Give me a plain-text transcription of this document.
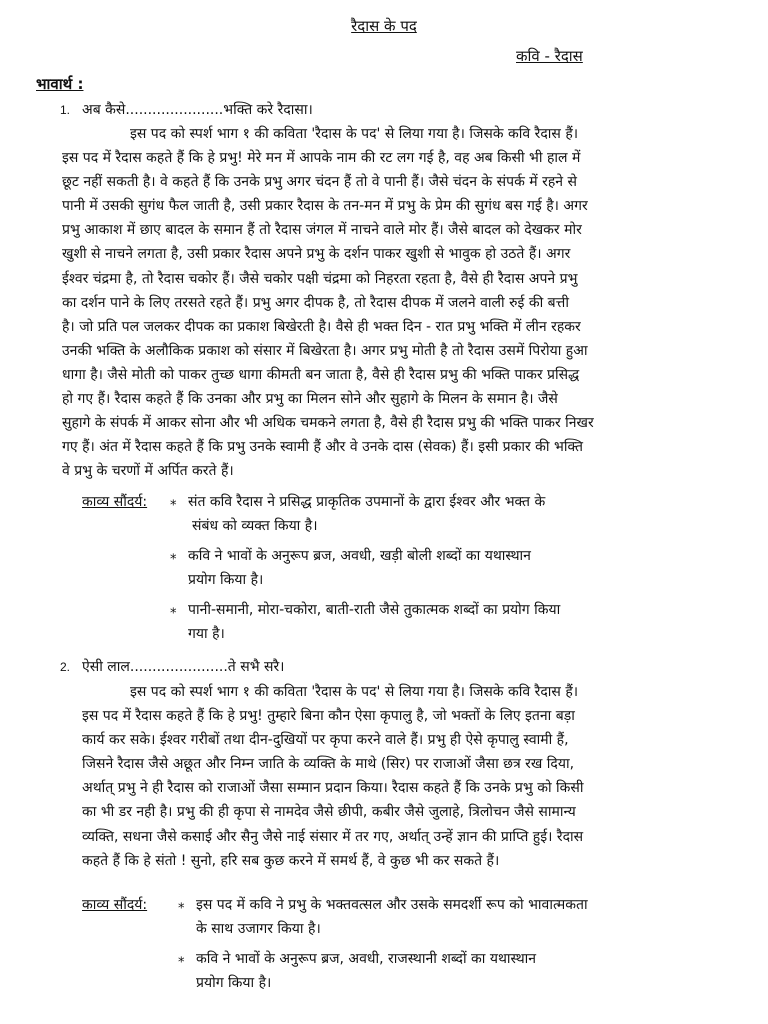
रैदास के पद

कवि - रैदास

भावार्थ :

1. अब कैसे......................भक्ति करे रैदासा।
इस पद को स्पर्श भाग १ की कविता 'रैदास के पद' से लिया गया है। जिसके कवि रैदास हैं।
इस पद में रैदास कहते हैं कि हे प्रभु! मेरे मन में आपके नाम की रट लग गई है, वह अब किसी भी हाल में
छूट नहीं सकती है। वे कहते हैं कि उनके प्रभु अगर चंदन हैं तो वे पानी हैं। जैसे चंदन के संपर्क में रहने से
पानी में उसकी सुगंध फैल जाती है, उसी प्रकार रैदास के तन-मन में प्रभु के प्रेम की सुगंध बस गई है। अगर
प्रभु आकाश में छाए बादल के समान हैं तो रैदास जंगल में नाचने वाले मोर हैं। जैसे बादल को देखकर मोर
खुशी से नाचने लगता है, उसी प्रकार रैदास अपने प्रभु के दर्शन पाकर खुशी से भावुक हो उठते हैं। अगर
ईश्वर चंद्रमा है, तो रैदास चकोर हैं। जैसे चकोर पक्षी चंद्रमा को निहरता रहता है, वैसे ही रैदास अपने प्रभु
का दर्शन पाने के लिए तरसते रहते हैं। प्रभु अगर दीपक है, तो रैदास दीपक में जलने वाली रुई की बत्ती
है। जो प्रति पल जलकर दीपक का प्रकाश बिखेरती है। वैसे ही भक्त दिन - रात प्रभु भक्ति में लीन रहकर
उनकी भक्ति के अलौकिक प्रकाश को संसार में बिखेरता है। अगर प्रभु मोती है तो रैदास उसमें पिरोया हुआ
धागा है। जैसे मोती को पाकर तुच्छ धागा कीमती बन जाता है, वैसे ही रैदास प्रभु की भक्ति पाकर प्रसिद्ध
हो गए हैं। रैदास कहते हैं कि उनका और प्रभु का मिलन सोने और सुहागे के मिलन के समान है। जैसे
सुहागे के संपर्क में आकर सोना और भी अधिक चमकने लगता है, वैसे ही रैदास प्रभु की भक्ति पाकर निखर
गए हैं। अंत में रैदास कहते हैं कि प्रभु उनके स्वामी हैं और वे उनके दास (सेवक) हैं। इसी प्रकार की भक्ति
वे प्रभु के चरणों में अर्पित करते हैं।
काव्य सौंदर्य: ⁎ संत कवि रैदास ने प्रसिद्ध प्राकृतिक उपमानों के द्वारा ईश्वर और भक्त के
संबंध को व्यक्त किया है।
⁎ कवि ने भावों के अनुरूप ब्रज, अवधी, खड़ी बोली शब्दों का यथास्थान
प्रयोग किया है।
⁎ पानी-समानी, मोरा-चकोरा, बाती-राती जैसे तुकात्मक शब्दों का प्रयोग किया
गया है।
2. ऐसी लाल......................ते सभै सरै।
इस पद को स्पर्श भाग १ की कविता 'रैदास के पद' से लिया गया है। जिसके कवि रैदास हैं।
इस पद में रैदास कहते हैं कि हे प्रभु! तुम्हारे बिना कौन ऐसा कृपालु है, जो भक्तों के लिए इतना बड़ा
कार्य कर सके। ईश्वर गरीबों तथा दीन-दुखियों पर कृपा करने वाले हैं। प्रभु ही ऐसे कृपालु स्वामी हैं,
जिसने रैदास जैसे अछूत और निम्न जाति के व्यक्ति के माथे (सिर) पर राजाओं जैसा छत्र रख दिया,
अर्थात् प्रभु ने ही रैदास को राजाओं जैसा सम्मान प्रदान किया। रैदास कहते हैं कि उनके प्रभु को किसी
का भी डर नही है। प्रभु की ही कृपा से नामदेव जैसे छीपी, कबीर जैसे जुलाहे, त्रिलोचन जैसे सामान्य
व्यक्ति, सधना जैसे कसाई और सैनु जैसे नाई संसार में तर गए, अर्थात् उन्हें ज्ञान की प्राप्ति हुई। रैदास
कहते हैं कि हे संतो ! सुनो, हरि सब कुछ करने में समर्थ हैं, वे कुछ भी कर सकते हैं।
काव्य सौंदर्य: ⁎ इस पद में कवि ने प्रभु के भक्तवत्सल और उसके समदर्शी रूप को भावात्मकता
के साथ उजागर किया है।
⁎ कवि ने भावों के अनुरूप ब्रज, अवधी, राजस्थानी शब्दों का यथास्थान
प्रयोग किया है।
